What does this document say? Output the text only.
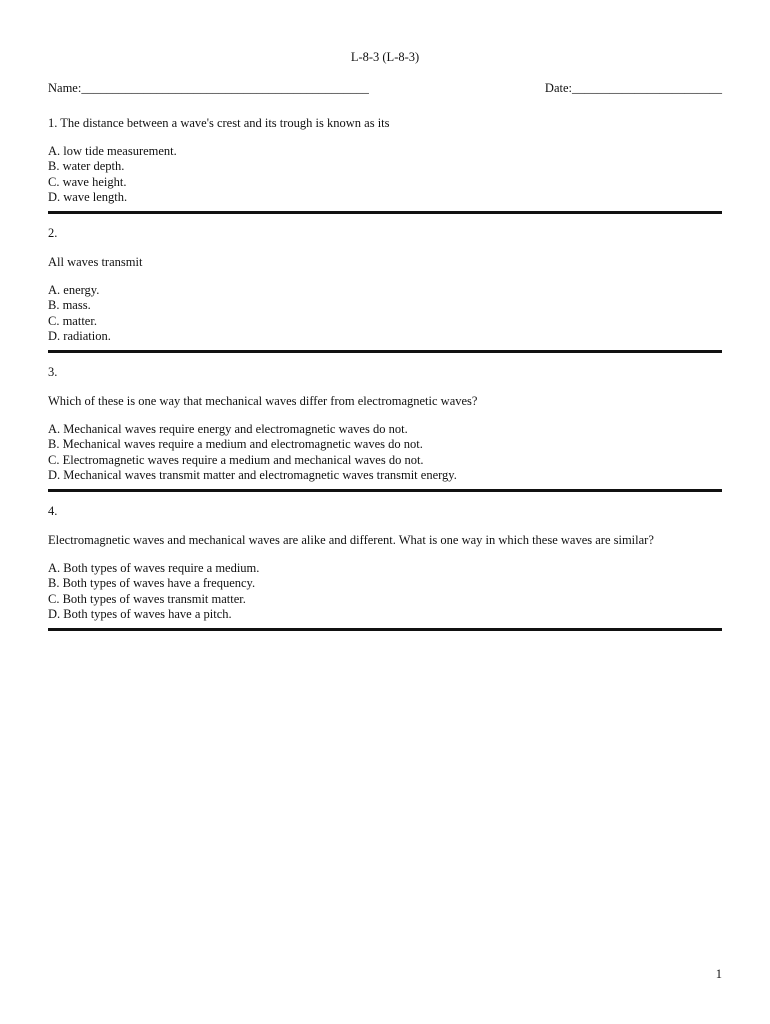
L-8-3 (L-8-3)
Name:______________________________________________	Date:________________________

1. The distance between a wave's crest and its trough is known as its

A. low tide measurement.
B. water depth.
C. wave height.
D. wave length.

2.

All waves transmit

A. energy.
B. mass.
C. matter.
D. radiation.

3.

Which of these is one way that mechanical waves differ from electromagnetic waves?

A. Mechanical waves require energy and electromagnetic waves do not.
B. Mechanical waves require a medium and electromagnetic waves do not.
C. Electromagnetic waves require a medium and mechanical waves do not.
D. Mechanical waves transmit matter and electromagnetic waves transmit energy.

4.

Electromagnetic waves and mechanical waves are alike and different. What is one way in which these waves are similar?

A. Both types of waves require a medium.
B. Both types of waves have a frequency.
C. Both types of waves transmit matter.
D. Both types of waves have a pitch.
1
